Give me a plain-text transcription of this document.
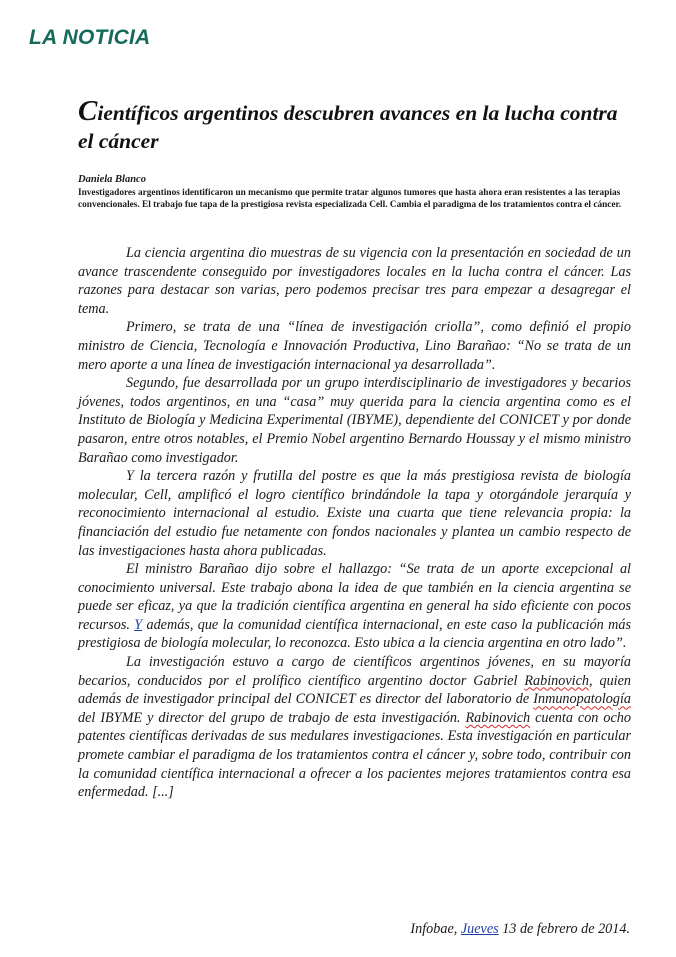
LA NOTICIA
Científicos argentinos descubren avances en la lucha contra el cáncer
Daniela Blanco
Investigadores argentinos identificaron un mecanismo que permite tratar algunos tumores que hasta ahora eran resistentes a las terapias convencionales. El trabajo fue tapa de la prestigiosa revista especializada Cell. Cambia el paradigma de los tratamientos contra el cáncer.

La ciencia argentina dio muestras de su vigencia con la presentación en sociedad de un avance trascendente conseguido por investigadores locales en la lucha contra el cáncer. Las razones para destacar son varias, pero podemos precisar tres para empezar a desagregar el tema.

Primero, se trata de una “línea de investigación criolla”, como definió el propio ministro de Ciencia, Tecnología e Innovación Productiva, Lino Barañao: “No se trata de un mero aporte a una línea de investigación internacional ya desarrollada”.

Segundo, fue desarrollada por un grupo interdisciplinario de investigadores y becarios jóvenes, todos argentinos, en una “casa” muy querida para la ciencia argentina como es el Instituto de Biología y Medicina Experimental (IBYME), dependiente del CONICET y por donde pasaron, entre otros notables, el Premio Nobel argentino Bernardo Houssay y el mismo ministro Barañao como investigador.

Y la tercera razón y frutilla del postre es que la más prestigiosa revista de biología molecular, Cell, amplificó el logro científico brindándole la tapa y otorgándole jerarquía y reconocimiento internacional al estudio. Existe una cuarta que tiene relevancia propia: la financiación del estudio fue netamente con fondos nacionales y plantea un cambio respecto de las investigaciones hasta ahora publicadas.

El ministro Barañao dijo sobre el hallazgo: “Se trata de un aporte excepcional al conocimiento universal. Este trabajo abona la idea de que también en la ciencia argentina se puede ser eficaz, ya que la tradición científica argentina en general ha sido eficiente con pocos recursos. Y además, que la comunidad científica internacional, en este caso la publicación más prestigiosa de biología molecular, lo reconozca. Esto ubica a la ciencia argentina en otro lado”.

La investigación estuvo a cargo de científicos argentinos jóvenes, en su mayoría becarios, conducidos por el prolífico científico argentino doctor Gabriel Rabinovich, quien además de investigador principal del CONICET es director del laboratorio de Inmunopatología del IBYME y director del grupo de trabajo de esta investigación. Rabinovich cuenta con ocho patentes científicas derivadas de sus medulares investigaciones. Esta investigación en particular promete cambiar el paradigma de los tratamientos contra el cáncer y, sobre todo, contribuir con la comunidad científica internacional a ofrecer a los pacientes mejores tratamientos contra esa enfermedad. [...]

Infobae, Jueves 13 de febrero de 2014.
